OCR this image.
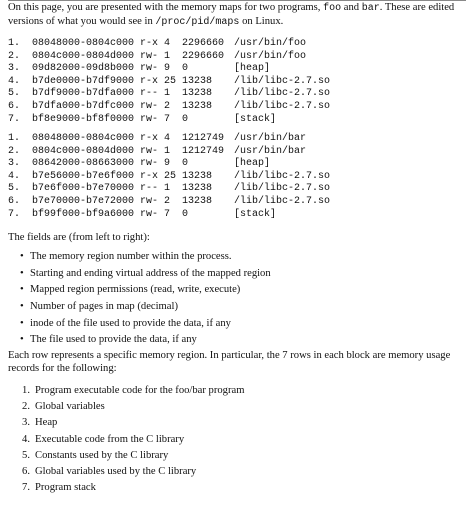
On this page, you are presented with the memory maps for two programs, foo and bar. These are edited versions of what you would see in /proc/pid/maps on Linux.
1.	08048000-0804c000 r-x 4  2296660 /usr/bin/foo
2.	0804c000-0804d000 rw- 1  2296660 /usr/bin/foo
3.	09d82000-09d8b000 rw- 9  0	[heap]
4.	b7de0000-b7df9000 r-x 25 13238	/lib/libc-2.7.so
5.	b7df9000-b7dfa000 r-- 1  13238	/lib/libc-2.7.so
6.	b7dfa000-b7dfc000 rw- 2  13238	/lib/libc-2.7.so
7.	bf8e9000-bf8f0000 rw- 7  0	[stack]
1.	08048000-0804c000 r-x 4  1212749 /usr/bin/bar
2.	0804c000-0804d000 rw- 1  1212749 /usr/bin/bar
3.	08642000-08663000 rw- 9  0	[heap]
4.	b7e56000-b7e6f000 r-x 25 13238	/lib/libc-2.7.so
5.	b7e6f000-b7e70000 r-- 1  13238	/lib/libc-2.7.so
6.	b7e70000-b7e72000 rw- 2  13238	/lib/libc-2.7.so
7.	bf99f000-bf9a6000 rw- 7  0	[stack]
The fields are (from left to right):
• The memory region number within the process.
• Starting and ending virtual address of the mapped region
• Mapped region permissions (read, write, execute)
• Number of pages in map (decimal)
• inode of the file used to provide the data, if any
• The file used to provide the data, if any
Each row represents a specific memory region. In particular, the 7 rows in each block are memory usage records for the following:
1. Program executable code for the foo/bar program
2. Global variables
3. Heap
4. Executable code from the C library
5. Constants used by the C library
6. Global variables used by the C library
7. Program stack
